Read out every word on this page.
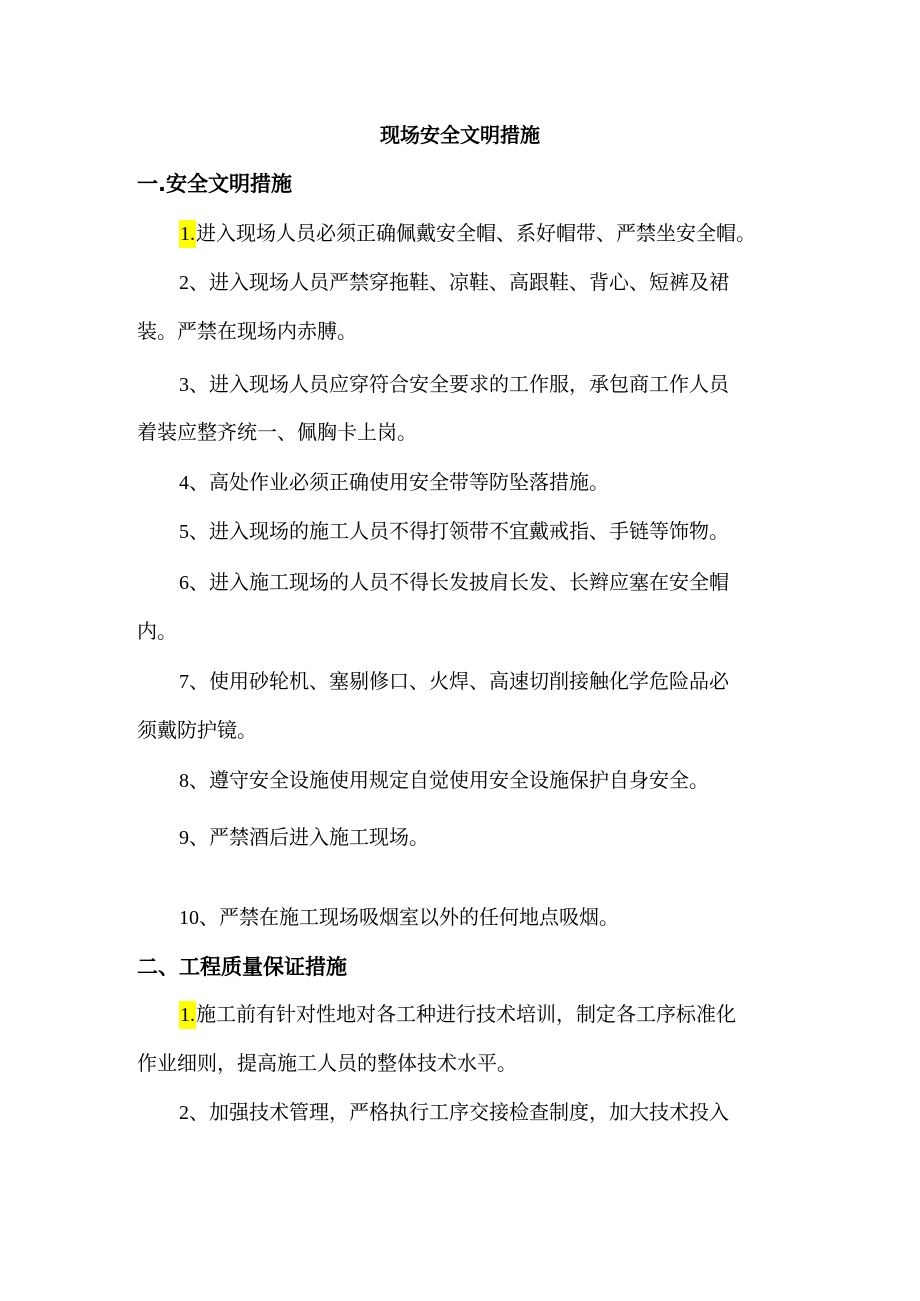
现场安全文明措施
一.安全文明措施
1.进入现场人员必须正确佩戴安全帽、系好帽带、严禁坐安全帽。
2、进入现场人员严禁穿拖鞋、凉鞋、高跟鞋、背心、短裤及裙
装。严禁在现场内赤膊。
3、进入现场人员应穿符合安全要求的工作服，承包商工作人员
着装应整齐统一、佩胸卡上岗。
4、高处作业必须正确使用安全带等防坠落措施。
5、进入现场的施工人员不得打领带不宜戴戒指、手链等饰物。
6、进入施工现场的人员不得长发披肩长发、长辫应塞在安全帽
内。
7、使用砂轮机、塞剔修口、火焊、高速切削接触化学危险品必
须戴防护镜。
8、遵守安全设施使用规定自觉使用安全设施保护自身安全。
9、严禁酒后进入施工现场。
10、严禁在施工现场吸烟室以外的任何地点吸烟。
二、工程质量保证措施
1.施工前有针对性地对各工种进行技术培训，制定各工序标准化
作业细则，提高施工人员的整体技术水平。
2、加强技术管理，严格执行工序交接检查制度，加大技术投入
